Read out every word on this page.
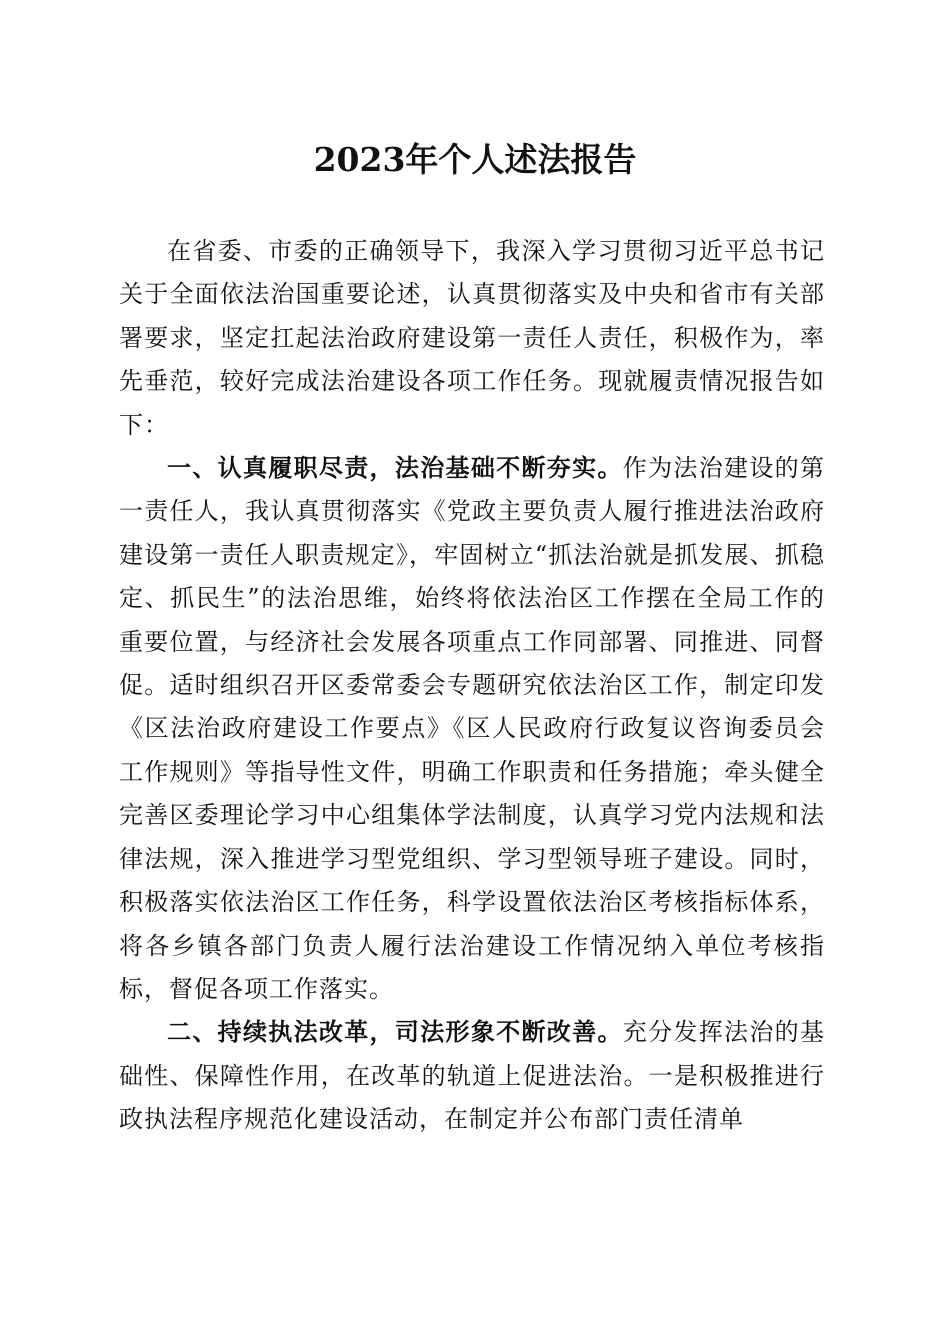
2023年个人述法报告

在省委、市委的正确领导下，我深入学习贯彻习近平总书记关于全面依法治国重要论述，认真贯彻落实及中央和省市有关部署要求，坚定扛起法治政府建设第一责任人责任，积极作为，率先垂范，较好完成法治建设各项工作任务。现就履责情况报告如下：

一、认真履职尽责，法治基础不断夯实。作为法治建设的第一责任人，我认真贯彻落实《党政主要负责人履行推进法治政府建设第一责任人职责规定》，牢固树立“抓法治就是抓发展、抓稳定、抓民生”的法治思维，始终将依法治区工作摆在全局工作的重要位置，与经济社会发展各项重点工作同部署、同推进、同督促。适时组织召开区委常委会专题研究依法治区工作，制定印发《区法治政府建设工作要点》《区人民政府行政复议咨询委员会工作规则》等指导性文件，明确工作职责和任务措施；牵头健全完善区委理论学习中心组集体学法制度，认真学习党内法规和法律法规，深入推进学习型党组织、学习型领导班子建设。同时，积极落实依法治区工作任务，科学设置依法治区考核指标体系，将各乡镇各部门负责人履行法治建设工作情况纳入单位考核指标，督促各项工作落实。

二、持续执法改革，司法形象不断改善。充分发挥法治的基础性、保障性作用，在改革的轨道上促进法治。一是积极推进行政执法程序规范化建设活动，在制定并公布部门责任清单
